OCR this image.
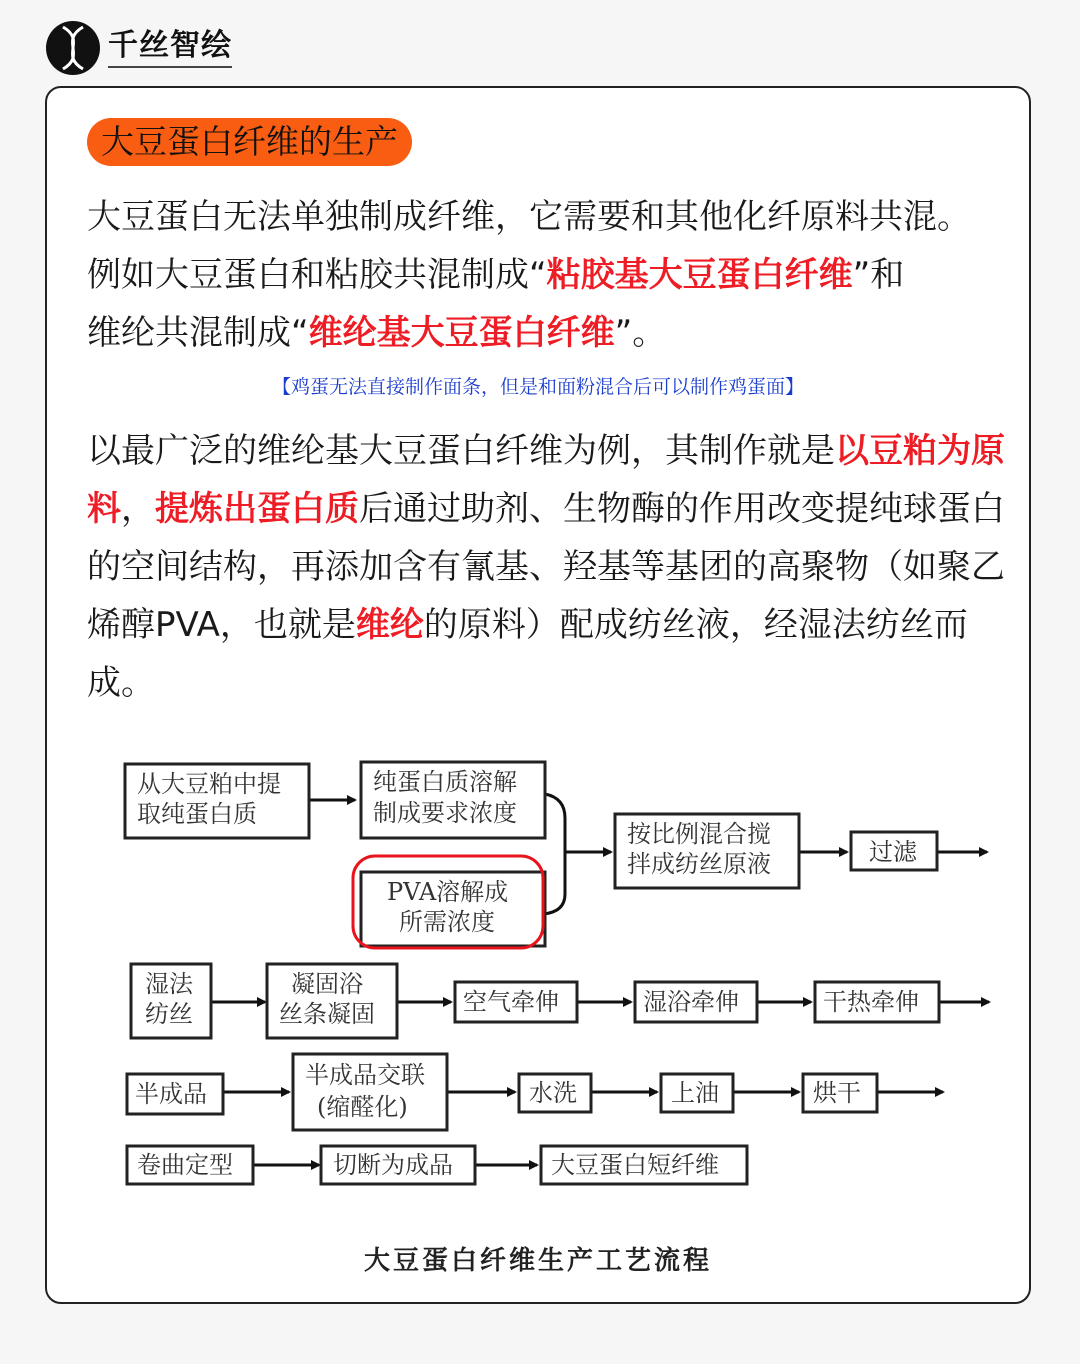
千丝智绘
大豆蛋白纤维的生产
大豆蛋白无法单独制成纤维，它需要和其他化纤原料共混。
例如大豆蛋白和粘胶共混制成“粘胶基大豆蛋白纤维”和
维纶共混制成“维纶基大豆蛋白纤维”。
【鸡蛋无法直接制作面条，但是和面粉混合后可以制作鸡蛋面】
以最广泛的维纶基大豆蛋白纤维为例，其制作就是以豆粕为原料，提炼出蛋白质后通过助剂、生物酶的作用改变提纯球蛋白的空间结构，再添加含有氰基、羟基等基团的高聚物（如聚乙烯醇PVA，也就是维纶的原料）配成纺丝液，经湿法纺丝而成。
从大豆粕中提
取纯蛋白质
纯蛋白质溶解
制成要求浓度
PVA溶解成
所需浓度
按比例混合搅
拌成纺丝原液	过滤
湿法
纺丝
凝固浴
丝条凝固	空气牵伸	湿浴牵伸	干热牵伸
半成品
半成品交联
(缩醛化)	水洗	上油	烘干
卷曲定型	切断为成品	大豆蛋白短纤维
大豆蛋白纤维生产工艺流程
